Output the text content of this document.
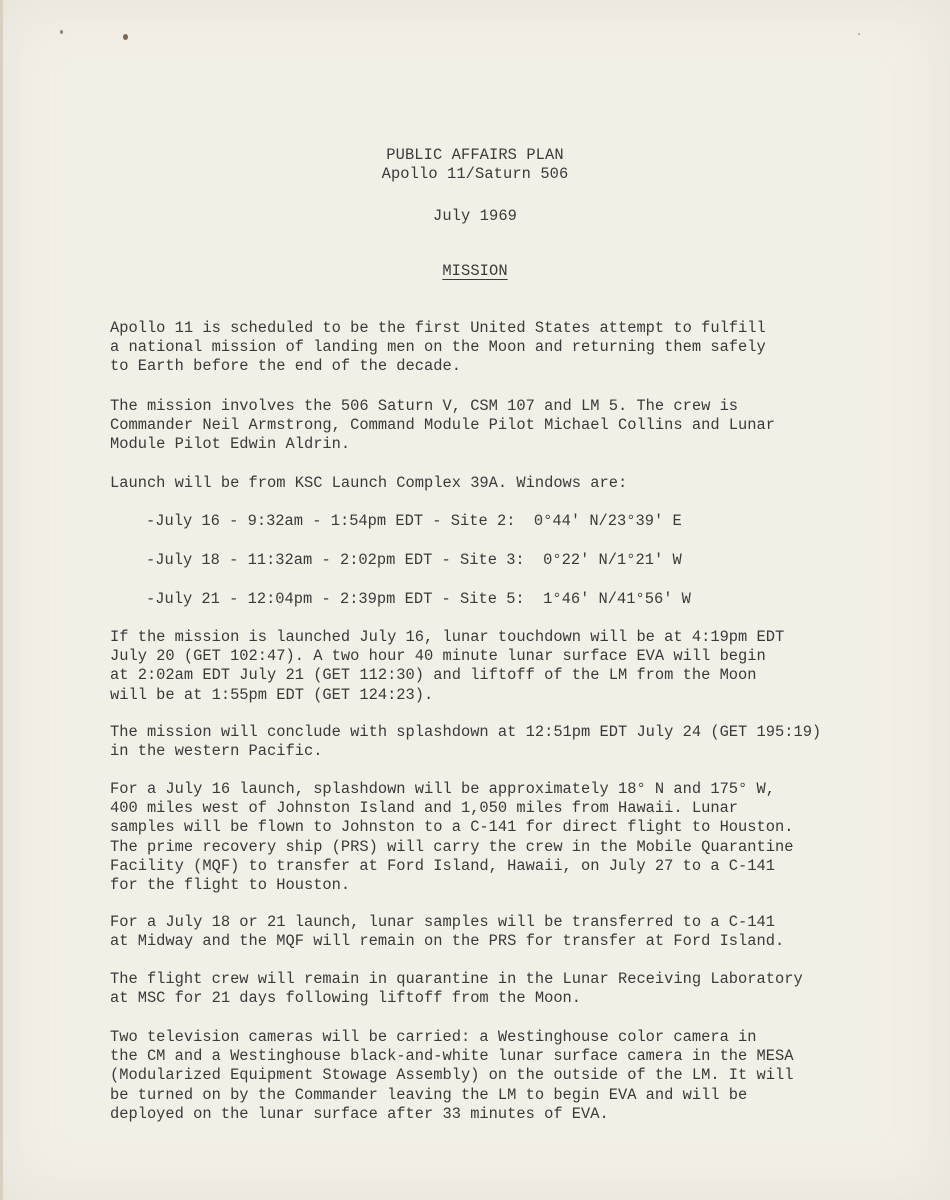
PUBLIC AFFAIRS PLAN
Apollo 11/Saturn 506
July 1969
MISSION

Apollo 11 is scheduled to be the first United States attempt to fulfill
a national mission of landing men on the Moon and returning them safely
to Earth before the end of the decade.

The mission involves the 506 Saturn V, CSM 107 and LM 5. The crew is
Commander Neil Armstrong, Command Module Pilot Michael Collins and Lunar
Module Pilot Edwin Aldrin.

Launch will be from KSC Launch Complex 39A. Windows are:

-July 16 - 9:32am - 1:54pm EDT - Site 2:  0°44' N/23°39' E

-July 18 - 11:32am - 2:02pm EDT - Site 3:  0°22' N/1°21' W

-July 21 - 12:04pm - 2:39pm EDT - Site 5:  1°46' N/41°56' W

If the mission is launched July 16, lunar touchdown will be at 4:19pm EDT
July 20 (GET 102:47). A two hour 40 minute lunar surface EVA will begin
at 2:02am EDT July 21 (GET 112:30) and liftoff of the LM from the Moon
will be at 1:55pm EDT (GET 124:23).

The mission will conclude with splashdown at 12:51pm EDT July 24 (GET 195:19)
in the western Pacific.

For a July 16 launch, splashdown will be approximately 18° N and 175° W,
400 miles west of Johnston Island and 1,050 miles from Hawaii. Lunar
samples will be flown to Johnston to a C-141 for direct flight to Houston.
The prime recovery ship (PRS) will carry the crew in the Mobile Quarantine
Facility (MQF) to transfer at Ford Island, Hawaii, on July 27 to a C-141
for the flight to Houston.

For a July 18 or 21 launch, lunar samples will be transferred to a C-141
at Midway and the MQF will remain on the PRS for transfer at Ford Island.

The flight crew will remain in quarantine in the Lunar Receiving Laboratory
at MSC for 21 days following liftoff from the Moon.

Two television cameras will be carried: a Westinghouse color camera in
the CM and a Westinghouse black-and-white lunar surface camera in the MESA
(Modularized Equipment Stowage Assembly) on the outside of the LM. It will
be turned on by the Commander leaving the LM to begin EVA and will be
deployed on the lunar surface after 33 minutes of EVA.
